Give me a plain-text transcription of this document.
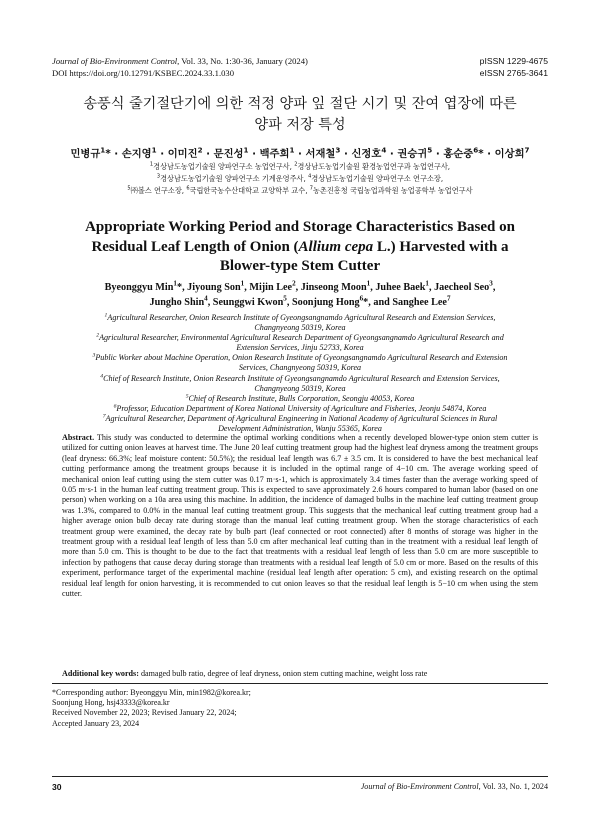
Journal of Bio-Environment Control, Vol. 33, No. 1:30-36, January (2024)
DOI https://doi.org/10.12791/KSBEC.2024.33.1.030
pISSN 1229-4675
eISSN 2765-3641
송풍식 줄기절단기에 의한 적정 양파 잎 절단 시기 및 잔여 엽장에 따른
양파 저장 특성
민병규$^1$* · 손지영$^1$ · 이미진$^2$ · 문진성$^1$ · 백주희$^1$ · 서재철$^3$ · 신정호$^4$ · 권승귀$^5$ · 홍순중$^6$* · 이상희$^7$
$^1$경상남도농업기술원 양파연구소 농업연구사, $^2$경상남도농업기술원 환경농업연구과 농업연구사,
$^3$경상남도농업기술원 양파연구소 기계운영주사, $^4$경상남도농업기술원 양파연구소 연구소장,
$^5$㈜볼스 연구소장, $^6$국립한국농수산대학교 교양학부 교수, $^7$농촌진흥청 국립농업과학원 농업공학부 농업연구사
Appropriate Working Period and Storage Characteristics Based on
Residual Leaf Length of Onion (Allium cepa L.) Harvested with a
Blower-type Stem Cutter
Byeonggyu Min$^1$*, Jiyoung Son$^1$, Mijin Lee$^2$, Jinseong Moon$^1$, Juhee Baek$^1$, Jaecheol Seo$^3$,
Jungho Shin$^4$, Seunggwi Kwon$^5$, Soonjung Hong$^6$*, and Sanghee Lee$^7$
$^1$Agricultural Researcher, Onion Research Institute of Gyeongsangnamdo Agricultural Research and Extension Services,
Changnyeong 50319, Korea
$^2$Agricultural Researcher, Environmental Agricultural Research Department of Gyeongsangnamdo Agricultural Research and
Extension Services, Jinju 52733, Korea
$^3$Public Worker about Machine Operation, Onion Research Institute of Gyeongsangnamdo Agricultural Research and Extension
Services, Changnyeong 50319, Korea
$^4$Chief of Research Institute, Onion Research Institute of Gyeongsangnamdo Agricultural Research and Extension Services,
Changnyeong 50319, Korea
$^5$Chief of Research Institute, Bulls Corporation, Seongju 40053, Korea
$^6$Professor, Education Department of Korea National University of Agriculture and Fisheries, Jeonju 54874, Korea
$^7$Agricultural Researcher, Department of Agricultural Engineering in National Academy of Agricultural Sciences in Rural
Development Administration, Wanju 55365, Korea
Abstract. This study was conducted to determine the optimal working conditions when a recently developed blower-type onion stem cutter is utilized for cutting onion leaves at harvest time. The June 20 leaf cutting treatment group had the highest leaf dryness among the treatment groups (leaf dryness: 66.3%; leaf moisture content: 50.5%); the residual leaf length was 6.7 ± 3.5 cm. It is considered to have the best mechanical leaf cutting performance among the treatment groups because it is included in the optimal range of 4−10 cm. The average working speed of mechanical onion leaf cutting using the stem cutter was 0.17 m·s-1, which is approximately 3.4 times faster than the average working speed of 0.05 m·s-1 in the human leaf cutting treatment group. This is expected to save approximately 2.6 hours compared to human labor (based on one person) when working on a 10a area using this machine. In addition, the incidence of damaged bulbs in the machine leaf cutting treatment group was 1.3%, compared to 0.0% in the manual leaf cutting treatment group. This suggests that the mechanical leaf cutting treatment group had a higher average onion bulb decay rate during storage than the manual leaf cutting treatment group. When the storage characteristics of each treatment group were examined, the decay rate by bulb part (leaf connected or root connected) after 8 months of storage was higher in the treatment group with a residual leaf length of less than 5.0 cm after mechanical leaf cutting than in the treatment with a residual leaf length of more than 5.0 cm. This is thought to be due to the fact that treatments with a residual leaf length of less than 5.0 cm are more susceptible to infection by pathogens that cause decay during storage than treatments with a residual leaf length of 5.0 cm or more. Based on the results of this experiment, performance target of the experimental machine (residual leaf length after operation: 5 cm), and existing research on the optimal residual leaf length for onion harvesting, it is recommended to cut onion leaves so that the residual leaf length is 5−10 cm when using the stem cutter.
Additional key words: damaged bulb ratio, degree of leaf dryness, onion stem cutting machine, weight loss rate
*Corresponding author: Byeonggyu Min, min1982@korea.kr;
Soonjung Hong, hsj43333@korea.kr
Received November 22, 2023; Revised January 22, 2024;
Accepted January 23, 2024
30	Journal of Bio-Environment Control, Vol. 33, No. 1, 2024
